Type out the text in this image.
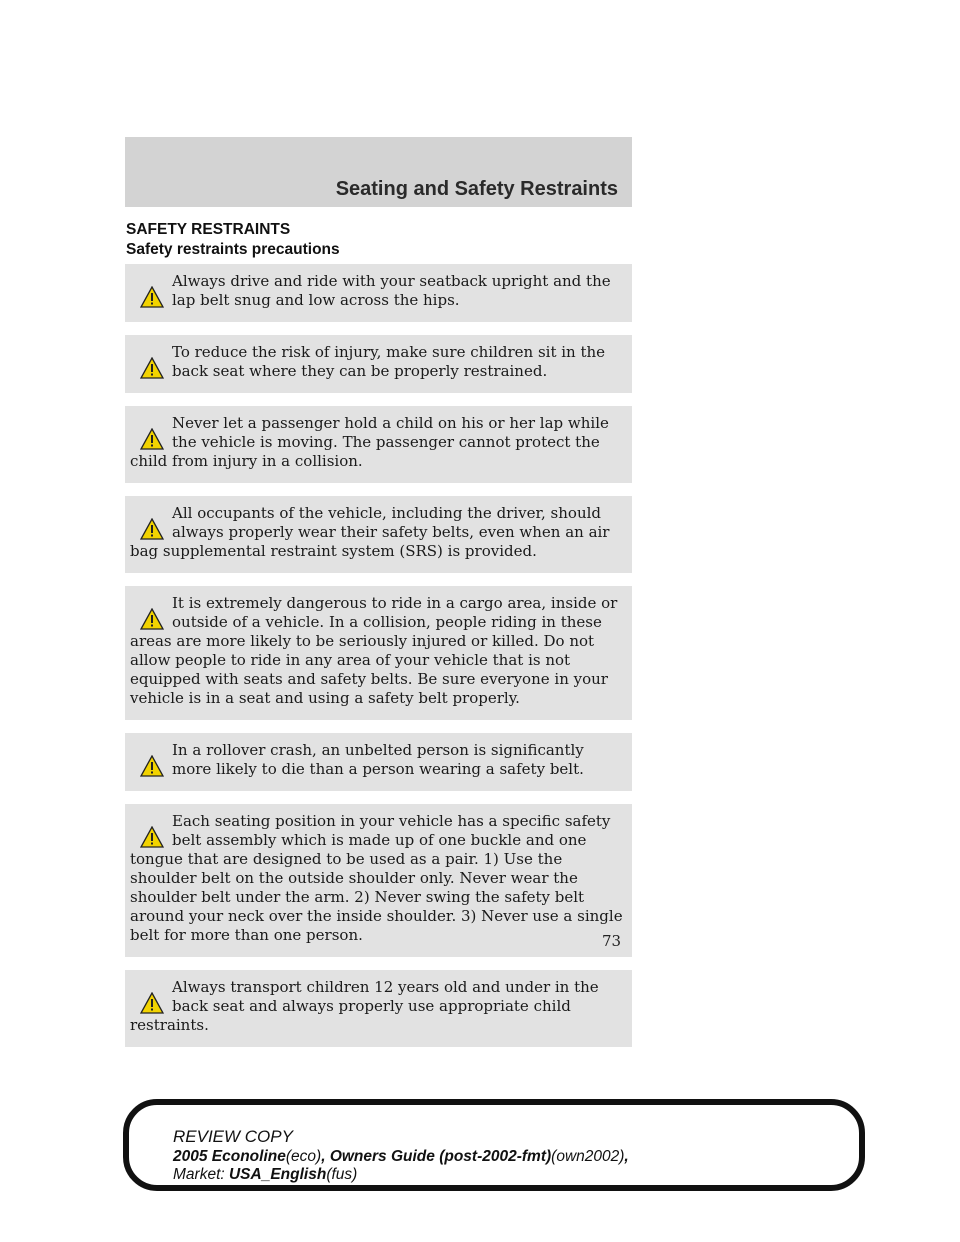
Seating and Safety Restraints
SAFETY RESTRAINTS
Safety restraints precautions
Always drive and ride with your seatback upright and the lap belt snug and low across the hips.
To reduce the risk of injury, make sure children sit in the back seat where they can be properly restrained.
Never let a passenger hold a child on his or her lap while the vehicle is moving. The passenger cannot protect the child from injury in a collision.
All occupants of the vehicle, including the driver, should always properly wear their safety belts, even when an air bag supplemental restraint system (SRS) is provided.
It is extremely dangerous to ride in a cargo area, inside or outside of a vehicle. In a collision, people riding in these areas are more likely to be seriously injured or killed. Do not allow people to ride in any area of your vehicle that is not equipped with seats and safety belts. Be sure everyone in your vehicle is in a seat and using a safety belt properly.
In a rollover crash, an unbelted person is significantly more likely to die than a person wearing a safety belt.
Each seating position in your vehicle has a specific safety belt assembly which is made up of one buckle and one tongue that are designed to be used as a pair. 1) Use the shoulder belt on the outside shoulder only. Never wear the shoulder belt under the arm. 2) Never swing the safety belt around your neck over the inside shoulder. 3) Never use a single belt for more than one person.
Always transport children 12 years old and under in the back seat and always properly use appropriate child restraints.
73
REVIEW COPY
2005 Econoline(eco), Owners Guide (post-2002-fmt)(own2002),
Market: USA_English(fus)
